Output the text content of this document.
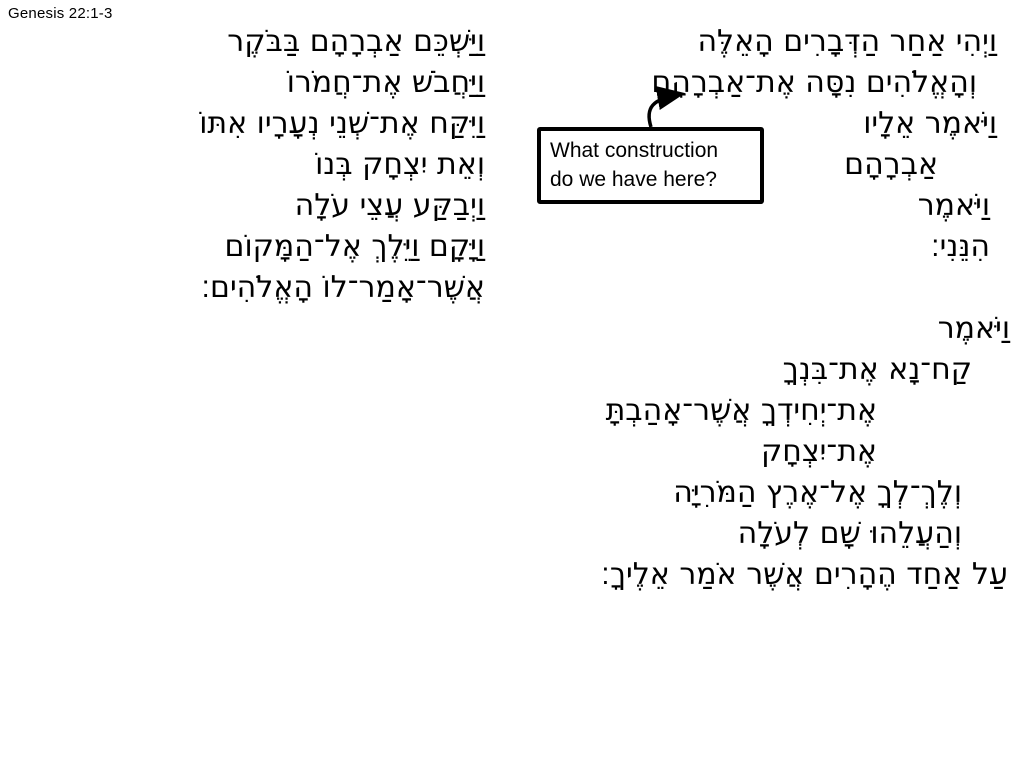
Genesis 22:1-3
וַיְהִי אַחַר הַדְּבָרִים הָאֵלֶּה
וְהָאֱלֹהִים נִסָּה אֶת־אַבְרָהָם
וַיֹּאמֶר אֵלָיו
אַבְרָהָם
וַיֹּאמֶר
הִנֵּנִי׃
וַיֹּאמֶר
קַח־נָא אֶת־בִּנְךָ
אֶת־יְחִידְךָ אֲשֶׁר־אָהַבְתָּ
אֶת־יִצְחָק
וְלֶךְ־לְךָ אֶל־אֶרֶץ הַמֹּרִיָּה
וְהַעֲלֵהוּ שָׁם לְעֹלָה
עַל אַחַד הֶהָרִים אֲשֶׁר אֹמַר אֵלֶיךָ׃
וַיַּשְׁכֵּם אַבְרָהָם בַּבֹּקֶר
וַיַּחֲבֹשׁ אֶת־חֲמֹרוֹ
וַיִּקַּח אֶת־שְׁנֵי נְעָרָיו אִתּוֹ
וְאֵת יִצְחָק בְּנוֹ
וַיְבַקַּע עֲצֵי עֹלָה
וַיָּקָם וַיֵּלֶךְ אֶל־הַמָּקוֹם
אֲשֶׁר־אָמַר־לוֹ הָאֱלֹהִים׃
What construction
do we have here?
